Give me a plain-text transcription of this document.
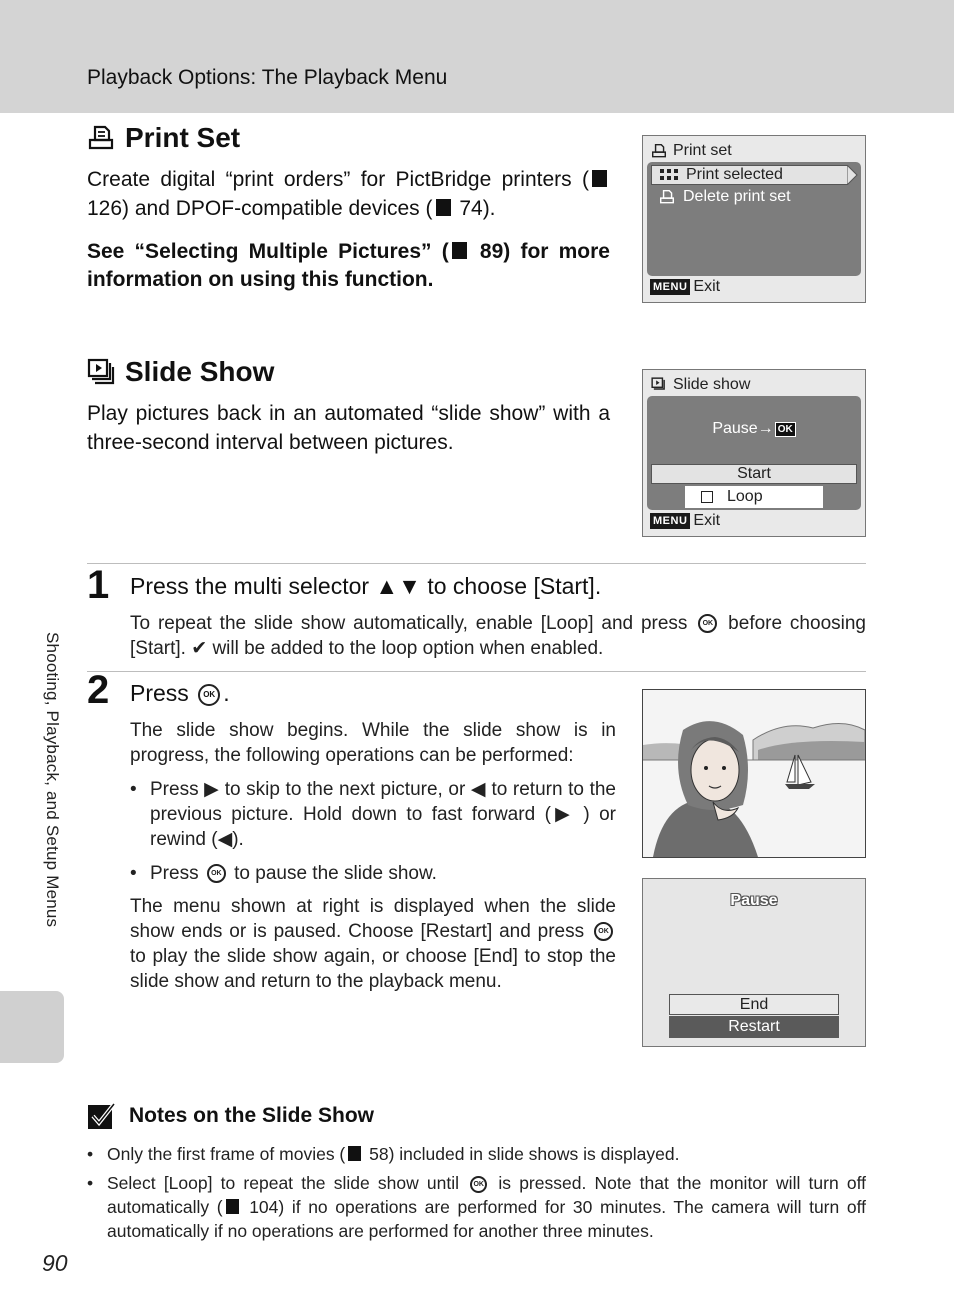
Playback Options: The Playback Menu
Shooting, Playback, and Setup Menus
Print Set
Create digital “print orders” for PictBridge printers ( 126) and DPOF-compatible devices ( 74).
See “Selecting Multiple Pictures” ( 89) for more information on using this function.
Print set
Print selected
Delete print set
MENU Exit
Slide Show
Play pictures back in an automated “slide show” with a three-second interval between pictures.
Slide show
Pause→ OK
Start
Loop
MENU Exit
1 Press the multi selector ▲▼ to choose [Start].
To repeat the slide show automatically, enable [Loop] and press OK before choosing [Start]. ✔ will be added to the loop option when enabled.
2 Press OK .
The slide show begins. While the slide show is in progress, the following operations can be performed:
• Press ▶ to skip to the next picture, or ◀ to return to the previous picture. Hold down to fast forward (▶ ) or rewind (◀).
• Press OK to pause the slide show.
The menu shown at right is displayed when the slide show ends or is paused. Choose [Restart] and press OK to play the slide show again, or choose [End] to stop the slide show and return to the playback menu.
Pause
End
Restart
Notes on the Slide Show
• Only the first frame of movies ( 58) included in slide shows is displayed.
• Select [Loop] to repeat the slide show until OK is pressed. Note that the monitor will turn off automatically ( 104) if no operations are performed for 30 minutes. The camera will turn off automatically if no operations are performed for another three minutes.
90
